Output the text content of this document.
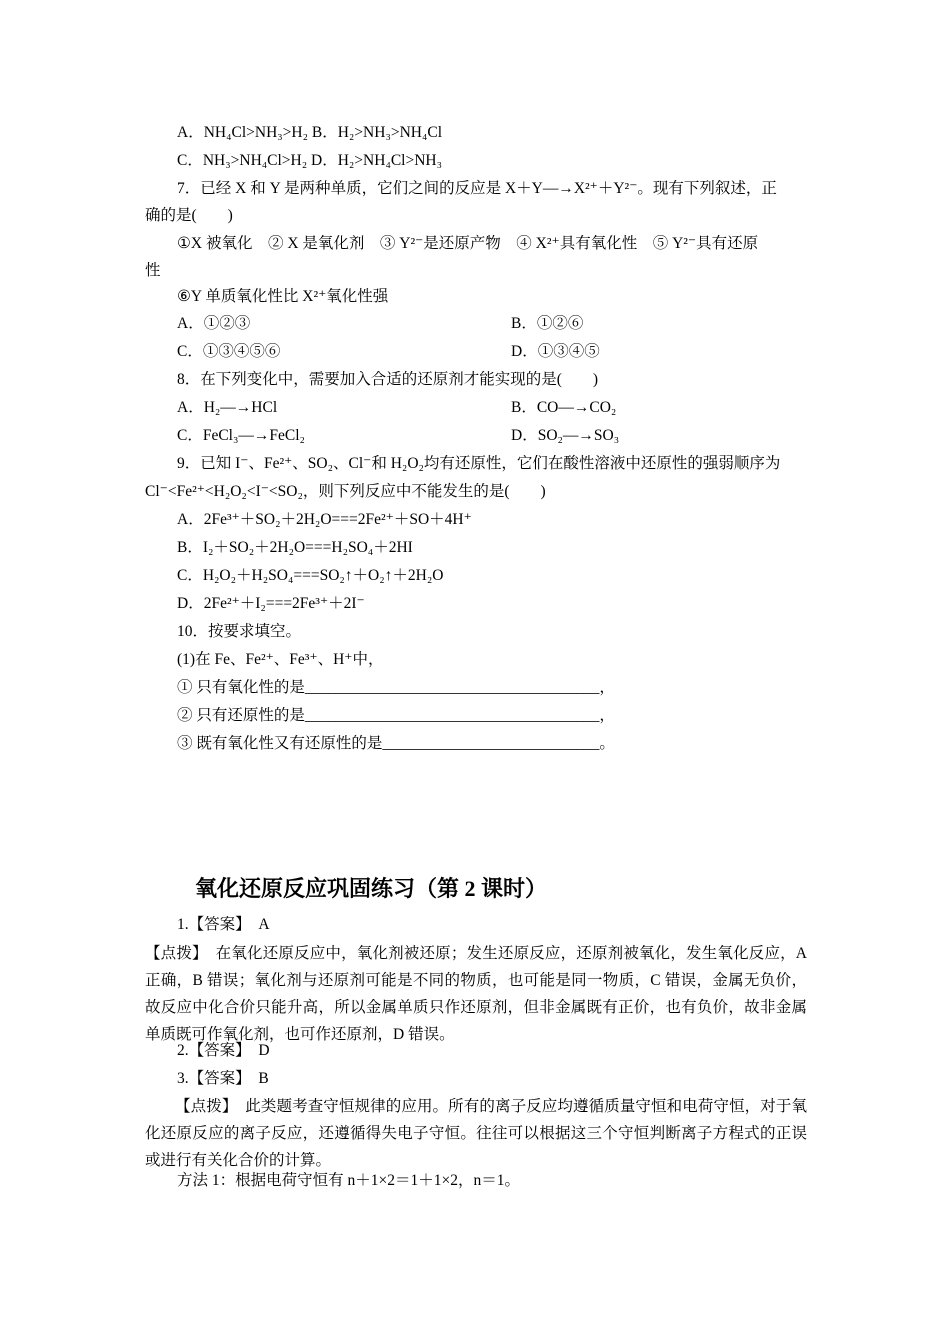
A．NH₄Cl>NH₃>H₂ B．H₂>NH₃>NH₄Cl
C．NH₃>NH₄Cl>H₂ D．H₂>NH₄Cl>NH₃
7．已经 X 和 Y 是两种单质，它们之间的反应是 X＋Y―→X²⁺＋Y²⁻。现有下列叙述，正
确的是(　　)
①X 被氧化　② X 是氧化剂　③ Y²⁻是还原产物　④ X²⁺具有氧化性　⑤ Y²⁻具有还原
性
⑥Y 单质氧化性比 X²⁺氧化性强
A．①②③	B．①②⑥
C．①③④⑤⑥	D．①③④⑤
8．在下列变化中，需要加入合适的还原剂才能实现的是(　　)
A．H₂―→HCl	B．CO―→CO₂
C．FeCl₃―→FeCl₂	D．SO₂―→SO₃
9．已知 I⁻、Fe²⁺、SO₂、Cl⁻和 H₂O₂均有还原性，它们在酸性溶液中还原性的强弱顺序为
Cl⁻<Fe²⁺<H₂O₂<I⁻<SO₂，则下列反应中不能发生的是(　　)
A．2Fe³⁺＋SO₂＋2H₂O===2Fe²⁺＋SO＋4H⁺
B．I₂＋SO₂＋2H₂O===H₂SO₄＋2HI
C．H₂O₂＋H₂SO₄===SO₂↑＋O₂↑＋2H₂O
D．2Fe²⁺＋I₂===2Fe³⁺＋2I⁻
10．按要求填空。
(1)在 Fe、Fe²⁺、Fe³⁺、H⁺中，
① 只有氧化性的是______________________________________，
② 只有还原性的是______________________________________，
③ 既有氧化性又有还原性的是____________________________。
氧化还原反应巩固练习（第 2 课时）
1.【答案】　A
【点拨】　在氧化还原反应中，氧化剂被还原；发生还原反应，还原剂被氧化，发生氧化反应，A 正确，B 错误；氧化剂与还原剂可能是不同的物质，也可能是同一物质，C 错误，金属无负价，故反应中化合价只能升高，所以金属单质只作还原剂，但非金属既有正价，也有负价，故非金属单质既可作氧化剂，也可作还原剂，D 错误。
2.【答案】　D
3.【答案】　B
【点拨】　此类题考查守恒规律的应用。所有的离子反应均遵循质量守恒和电荷守恒，对于氧化还原反应的离子反应，还遵循得失电子守恒。往往可以根据这三个守恒判断离子方程式的正误或进行有关化合价的计算。
方法 1：根据电荷守恒有 n＋1×2＝1＋1×2，n＝1。
